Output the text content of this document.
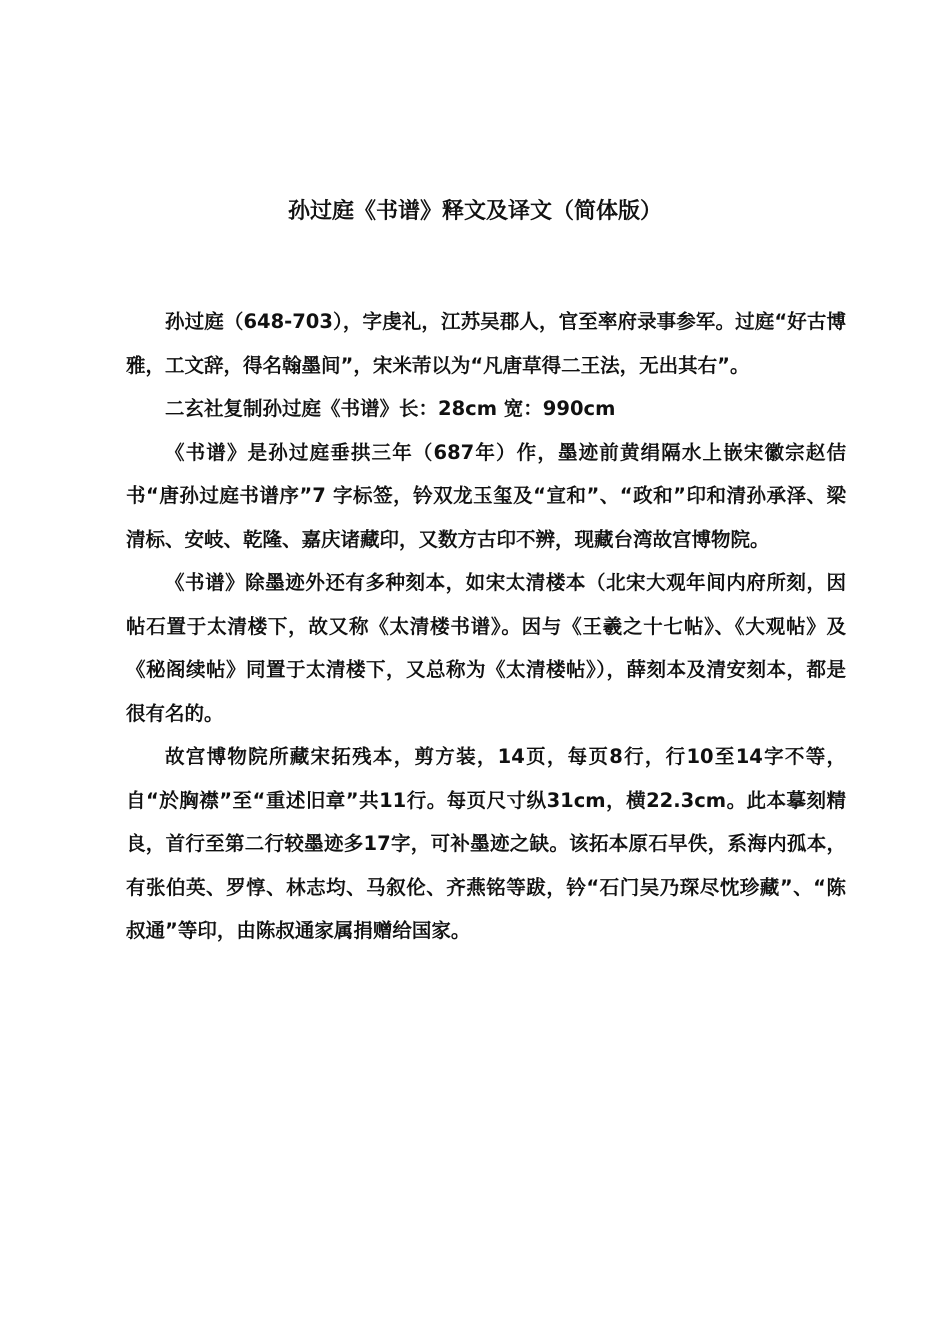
孙过庭《书谱》释文及译文（简体版）

孙过庭（648-703），字虔礼，江苏吴郡人，官至率府录事参军。过庭“好古博雅，工文辞，得名翰墨间”，宋米芾以为“凡唐草得二王法，无出其右”。

二玄社复制孙过庭《书谱》长：28cm 宽：990cm

《书谱》是孙过庭垂拱三年（687年）作，墨迹前黄绢隔水上嵌宋徽宗赵佶书“唐孙过庭书谱序”7 字标签，钤双龙玉玺及“宣和”、“政和”印和清孙承泽、梁清标、安岐、乾隆、嘉庆诸藏印，又数方古印不辨，现藏台湾故宫博物院。

《书谱》除墨迹外还有多种刻本，如宋太清楼本（北宋大观年间内府所刻，因帖石置于太清楼下，故又称《太清楼书谱》。因与《王羲之十七帖》、《大观帖》及《秘阁续帖》同置于太清楼下，又总称为《太清楼帖》），薛刻本及清安刻本，都是很有名的。

故宫博物院所藏宋拓残本，剪方装，14页，每页8行，行10至14字不等，自“於胸襟”至“重述旧章”共11行。每页尺寸纵31cm，横22.3cm。此本摹刻精良，首行至第二行较墨迹多17字，可补墨迹之缺。该拓本原石早佚，系海内孤本，有张伯英、罗惇、林志均、马叙伦、齐燕铭等跋，钤“石门吴乃琛尽忱珍藏”、“陈叔通”等印，由陈叔通家属捐赠给国家。
